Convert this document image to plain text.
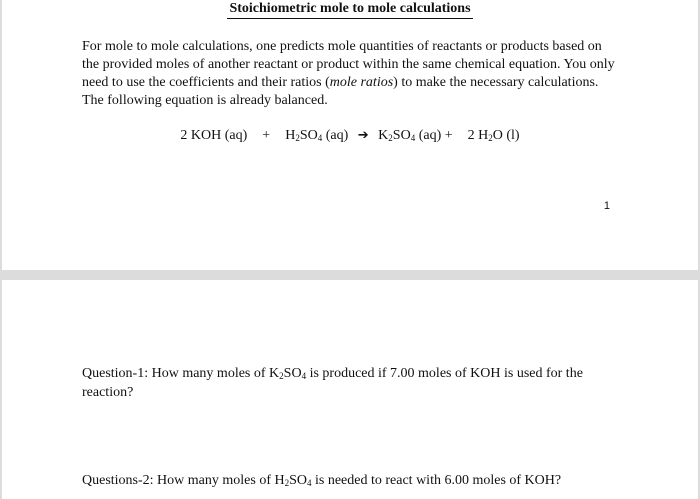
Stoichiometric mole to mole calculations

For mole to mole calculations, one predicts mole quantities of reactants or products based on the provided moles of another reactant or product within the same chemical equation. You only need to use the coefficients and their ratios (mole ratios) to make the necessary calculations. The following equation is already balanced.

2 KOH $(aq) + H_2SO_4$ (aq) ➔ $K_2SO_4$ (aq) + 2 $H_2O$ (l)
1

Question-1: How many moles of $K_2SO_4$ is produced if 7.00 moles of KOH is used for the reaction?

Questions-2: How many moles of $H_2SO_4$ is needed to react with 6.00 moles of KOH?
